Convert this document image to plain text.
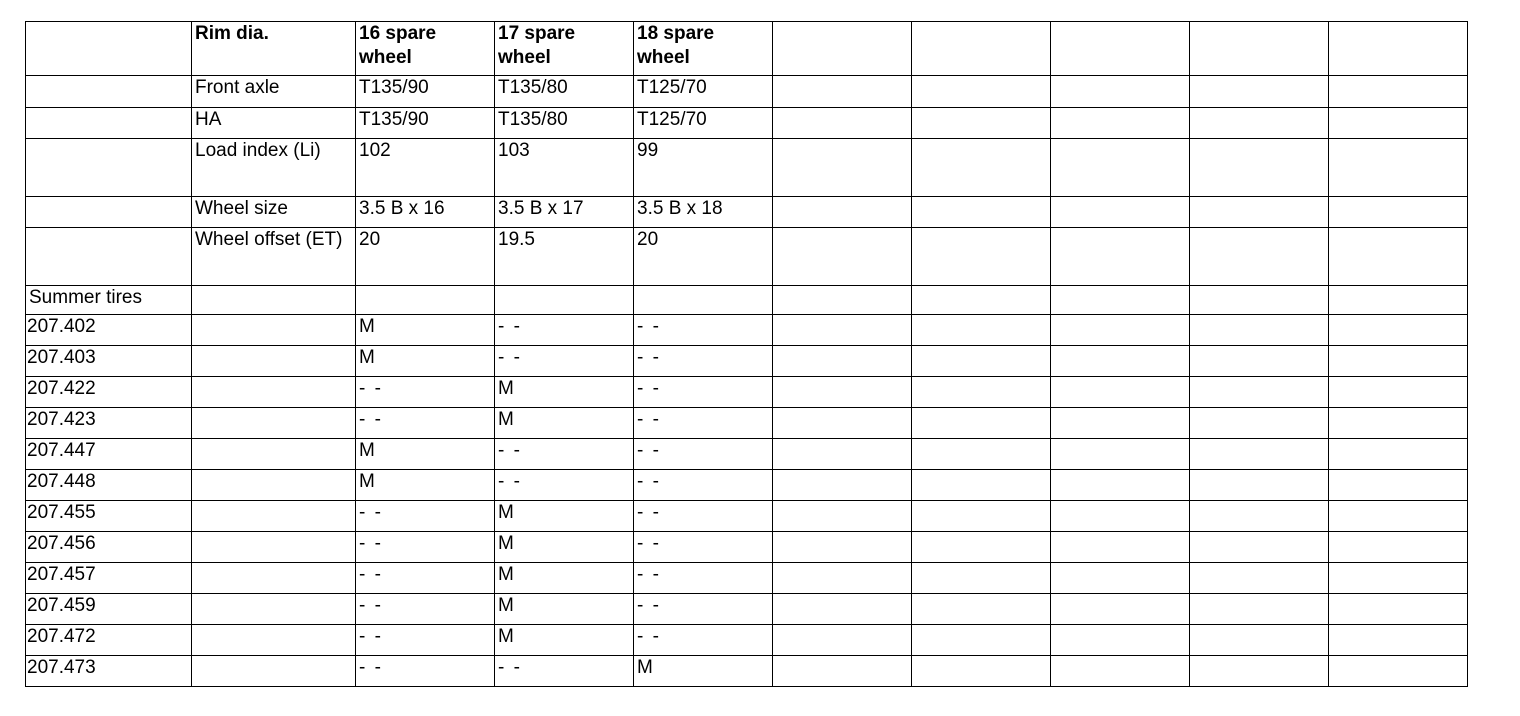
	Rim dia.	16 spare wheel	17 spare wheel	18 spare wheel					
	Front axle	T135/90	T135/80	T125/70					
	HA	T135/90	T135/80	T125/70					
	Load index (Li)	102	103	99					
	Wheel size	3.5 B x 16	3.5 B x 17	3.5 B x 18					
	Wheel offset (ET)	20	19.5	20					
Summer tires									
207.402		M	- -	- -					
207.403		M	- -	- -					
207.422		- -	M	- -					
207.423		- -	M	- -					
207.447		M	- -	- -					
207.448		M	- -	- -					
207.455		- -	M	- -					
207.456		- -	M	- -					
207.457		- -	M	- -					
207.459		- -	M	- -					
207.472		- -	M	- -					
207.473		- -	- -	M					
